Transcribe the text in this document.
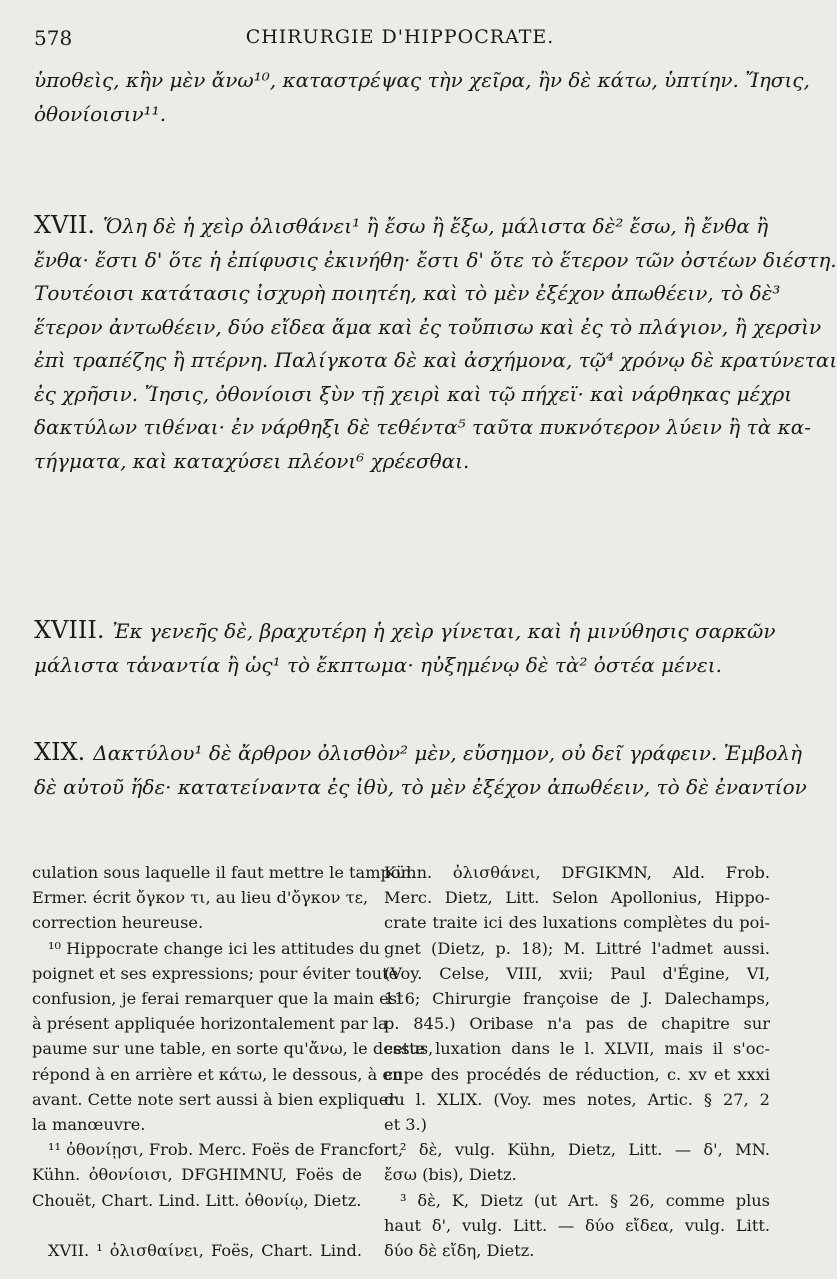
578	CHIRURGIE D'HIPPOCRATE.
ὑποθεὶς, κἢν μὲν ἄνω¹⁰, καταστρέψας τὴν χεῖρα, ἢν δὲ κάτω, ὑπτίην. Ἴησις,
ὀθονίοισιν¹¹.
XVII. Ὅλη δὲ ἡ χεὶρ ὀλισθάνει¹ ἢ ἔσω ἢ ἔξω, μάλιστα δὲ² ἔσω, ἢ ἔνθα ἢ
ἔνθα· ἔστι δ' ὅτε ἡ ἐπίφυσις ἐκινήθη· ἔστι δ' ὅτε τὸ ἕτερον τῶν ὀστέων διέστη.
Τουτέοισι κατάτασις ἰσχυρὴ ποιητέη, καὶ τὸ μὲν ἐξέχον ἀπωθέειν, τὸ δὲ³
ἕτερον ἀντωθέειν, δύο εἴδεα ἅμα καὶ ἐς τοὔπισω καὶ ἐς τὸ πλάγιον, ἢ χερσὶν
ἐπὶ τραπέζης ἢ πτέρνη. Παλίγκοτα δὲ καὶ ἀσχήμονα, τῷ⁴ χρόνῳ δὲ κρατύνεται
ἐς χρῆσιν. Ἴησις, ὀθονίοισι ξὺν τῇ χειρὶ καὶ τῷ πήχεϊ· καὶ νάρθηκας μέχρι
δακτύλων τιθέναι· ἐν νάρθηξι δὲ τεθέντα⁵ ταῦτα πυκνότερον λύειν ἢ τὰ κα-
τήγματα, καὶ καταχύσει πλέονι⁶ χρέεσθαι.
XVIII. Ἐκ γενεῆς δὲ, βραχυτέρη ἡ χεὶρ γίνεται, καὶ ἡ μινύθησις σαρκῶν
μάλιστα τἀναντία ἢ ὡς¹ τὸ ἔκπτωμα· ηὐξημένῳ δὲ τὰ² ὀστέα μένει.
XIX. Δακτύλου¹ δὲ ἄρθρον ὀλισθὸν² μὲν, εὔσημον, οὐ δεῖ γράφειν. Ἐμβολὴ
δὲ αὐτοῦ ἥδε· κατατείναντα ἐς ἰθὺ, τὸ μὲν ἐξέχον ἀπωθέειν, τὸ δὲ ἐναντίον
culation sous laquelle il faut mettre le tampon.
Ermer. écrit ὄγκον τι, au lieu d'ὄγκον τε,
correction heureuse.
¹⁰ Hippocrate change ici les attitudes du
poignet et ses expressions; pour éviter toute
confusion, je ferai remarquer que la main est
à présent appliquée horizontalement par la
paume sur une table, en sorte qu'ἄνω, le dessus,
répond à en arrière et κάτω, le dessous, à en
avant. Cette note sert aussi à bien expliquer
la manœuvre.
¹¹ ὀθονίῃσι, Frob. Merc. Foës de Francfort,
Kühn. ὀθονίοισι, DFGHIMNU, Foës de
Chouët, Chart. Lind. Litt. ὀθονίῳ, Dietz.

XVII. ¹ ὀλισθαίνει, Foës, Chart. Lind.
Kühn. ὀλισθάνει, DFGIKMN, Ald. Frob.
Merc. Dietz, Litt. Selon Apollonius, Hippo-
crate traite ici des luxations complètes du poi-
gnet (Dietz, p. 18); M. Littré l'admet aussi.
(Voy. Celse, VIII, xvii; Paul d'Égine, VI,
116; Chirurgie françoise de J. Dalechamps,
p. 845.) Oribase n'a pas de chapitre sur
cette luxation dans le l. XLVII, mais il s'oc-
cupe des procédés de réduction, c. xv et xxxi
du l. XLIX. (Voy. mes notes, Artic. § 27, 2
et 3.)
² δὲ, vulg. Kühn, Dietz, Litt. — δ', MN.
ἔσω (bis), Dietz.
³ δὲ, K, Dietz (ut Art. § 26, comme plus
haut δ', vulg. Litt. — δύο εἴδεα, vulg. Litt.
δύο δὲ εἴδη, Dietz.
